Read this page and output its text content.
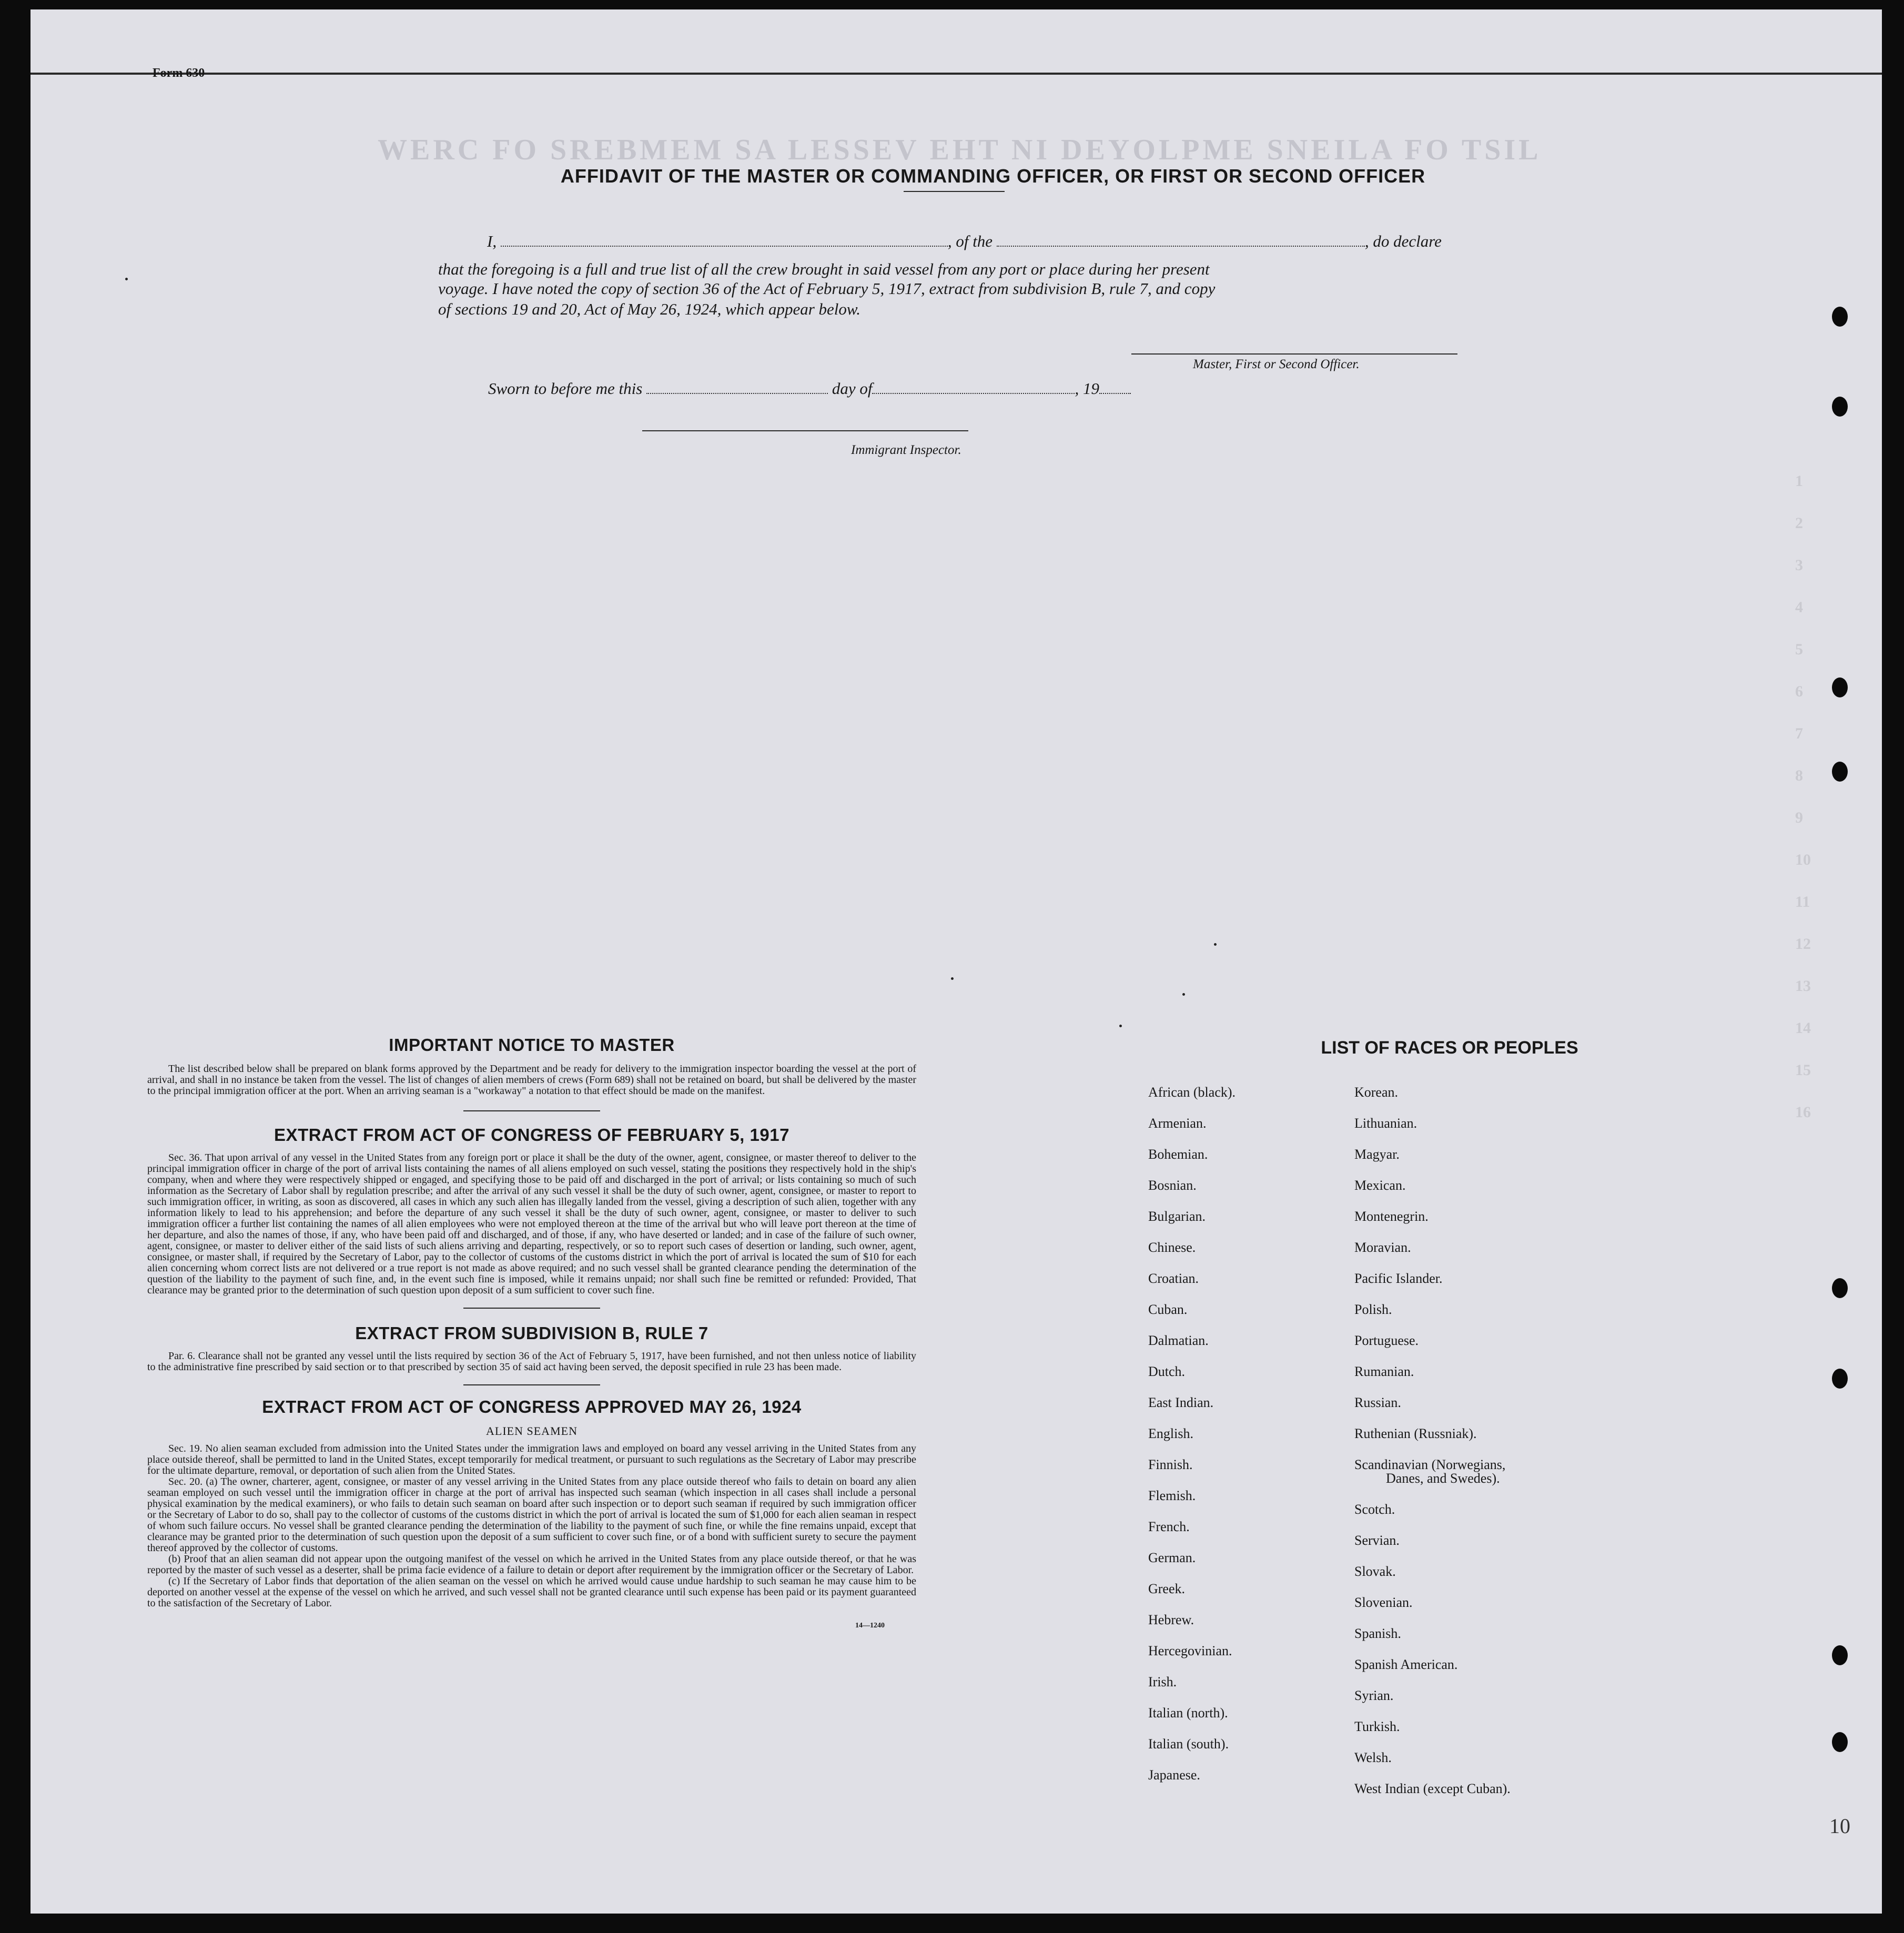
WERC FO SREBMEM SA LESSEV EHT NI DEYOLPME SNEILA FO TSIL
1
2
3
4
5
6
7
8
9
10
11
12
13
14
15
16
Form 630
AFFIDAVIT OF THE MASTER OR COMMANDING OFFICER, OR FIRST OR SECOND OFFICER
I,	, of the	, do declare
that the foregoing is a full and true list of all the crew brought in said vessel from any port or place during her present
voyage. I have noted the copy of section 36 of the Act of February 5, 1917, extract from subdivision B, rule 7, and copy
of sections 19 and 20, Act of May 26, 1924, which appear below.
Master, First or Second Officer.
Sworn to before me this	day of	, 19
Immigrant Inspector.
IMPORTANT NOTICE TO MASTER

The list described below shall be prepared on blank forms approved by the Department and be ready for delivery to the immigration inspector boarding the vessel at the port of arrival, and shall in no instance be taken from the vessel. The list of changes of alien members of crews (Form 689) shall not be retained on board, but shall be delivered by the master to the principal immigration officer at the port. When an arriving seaman is a "workaway" a notation to that effect should be made on the manifest.

EXTRACT FROM ACT OF CONGRESS OF FEBRUARY 5, 1917

Sec. 36. That upon arrival of any vessel in the United States from any foreign port or place it shall be the duty of the owner, agent, consignee, or master thereof to deliver to the principal immigration officer in charge of the port of arrival lists containing the names of all aliens employed on such vessel, stating the positions they respectively hold in the ship's company, when and where they were respectively shipped or engaged, and specifying those to be paid off and discharged in the port of arrival; or lists containing so much of such information as the Secretary of Labor shall by regulation prescribe; and after the arrival of any such vessel it shall be the duty of such owner, agent, consignee, or master to report to such immigration officer, in writing, as soon as discovered, all cases in which any such alien has illegally landed from the vessel, giving a description of such alien, together with any information likely to lead to his apprehension; and before the departure of any such vessel it shall be the duty of such owner, agent, consignee, or master to deliver to such immigration officer a further list containing the names of all alien employees who were not employed thereon at the time of the arrival but who will leave port thereon at the time of her departure, and also the names of those, if any, who have been paid off and discharged, and of those, if any, who have deserted or landed; and in case of the failure of such owner, agent, consignee, or master to deliver either of the said lists of such aliens arriving and departing, respectively, or so to report such cases of desertion or landing, such owner, agent, consignee, or master shall, if required by the Secretary of Labor, pay to the collector of customs of the customs district in which the port of arrival is located the sum of $10 for each alien concerning whom correct lists are not delivered or a true report is not made as above required; and no such vessel shall be granted clearance pending the determination of the question of the liability to the payment of such fine, and, in the event such fine is imposed, while it remains unpaid; nor shall such fine be remitted or refunded: Provided, That clearance may be granted prior to the determination of such question upon deposit of a sum sufficient to cover such fine.

EXTRACT FROM SUBDIVISION B, RULE 7

Par. 6. Clearance shall not be granted any vessel until the lists required by section 36 of the Act of February 5, 1917, have been furnished, and not then unless notice of liability to the administrative fine prescribed by said section or to that prescribed by section 35 of said act having been served, the deposit specified in rule 23 has been made.

EXTRACT FROM ACT OF CONGRESS APPROVED MAY 26, 1924
ALIEN SEAMEN

Sec. 19. No alien seaman excluded from admission into the United States under the immigration laws and employed on board any vessel arriving in the United States from any place outside thereof, shall be permitted to land in the United States, except temporarily for medical treatment, or pursuant to such regulations as the Secretary of Labor may prescribe for the ultimate departure, removal, or deportation of such alien from the United States.

Sec. 20. (a) The owner, charterer, agent, consignee, or master of any vessel arriving in the United States from any place outside thereof who fails to detain on board any alien seaman employed on such vessel until the immigration officer in charge at the port of arrival has inspected such seaman (which inspection in all cases shall include a personal physical examination by the medical examiners), or who fails to detain such seaman on board after such inspection or to deport such seaman if required by such immigration officer or the Secretary of Labor to do so, shall pay to the collector of customs of the customs district in which the port of arrival is located the sum of $1,000 for each alien seaman in respect of whom such failure occurs. No vessel shall be granted clearance pending the determination of the liability to the payment of such fine, or while the fine remains unpaid, except that clearance may be granted prior to the determination of such question upon the deposit of a sum sufficient to cover such fine, or of a bond with sufficient surety to secure the payment thereof approved by the collector of customs.

(b) Proof that an alien seaman did not appear upon the outgoing manifest of the vessel on which he arrived in the United States from any place outside thereof, or that he was reported by the master of such vessel as a deserter, shall be prima facie evidence of a failure to detain or deport after requirement by the immigration officer or the Secretary of Labor.

(c) If the Secretary of Labor finds that deportation of the alien seaman on the vessel on which he arrived would cause undue hardship to such seaman he may cause him to be deported on another vessel at the expense of the vessel on which he arrived, and such vessel shall not be granted clearance until such expense has been paid or its payment guaranteed to the satisfaction of the Secretary of Labor.

14—1240
LIST OF RACES OR PEOPLES
African (black).
Armenian.
Bohemian.
Bosnian.
Bulgarian.
Chinese.
Croatian.
Cuban.
Dalmatian.
Dutch.
East Indian.
English.
Finnish.
Flemish.
French.
German.
Greek.
Hebrew.
Hercegovinian.
Irish.
Italian (north).
Italian (south).
Japanese.
Korean.
Lithuanian.
Magyar.
Mexican.
Montenegrin.
Moravian.
Pacific Islander.
Polish.
Portuguese.
Rumanian.
Russian.
Ruthenian (Russniak).
Scandinavian (Norwegians,
Danes, and Swedes).
Scotch.
Servian.
Slovak.
Slovenian.
Spanish.
Spanish American.
Syrian.
Turkish.
Welsh.
West Indian (except Cuban).
10
